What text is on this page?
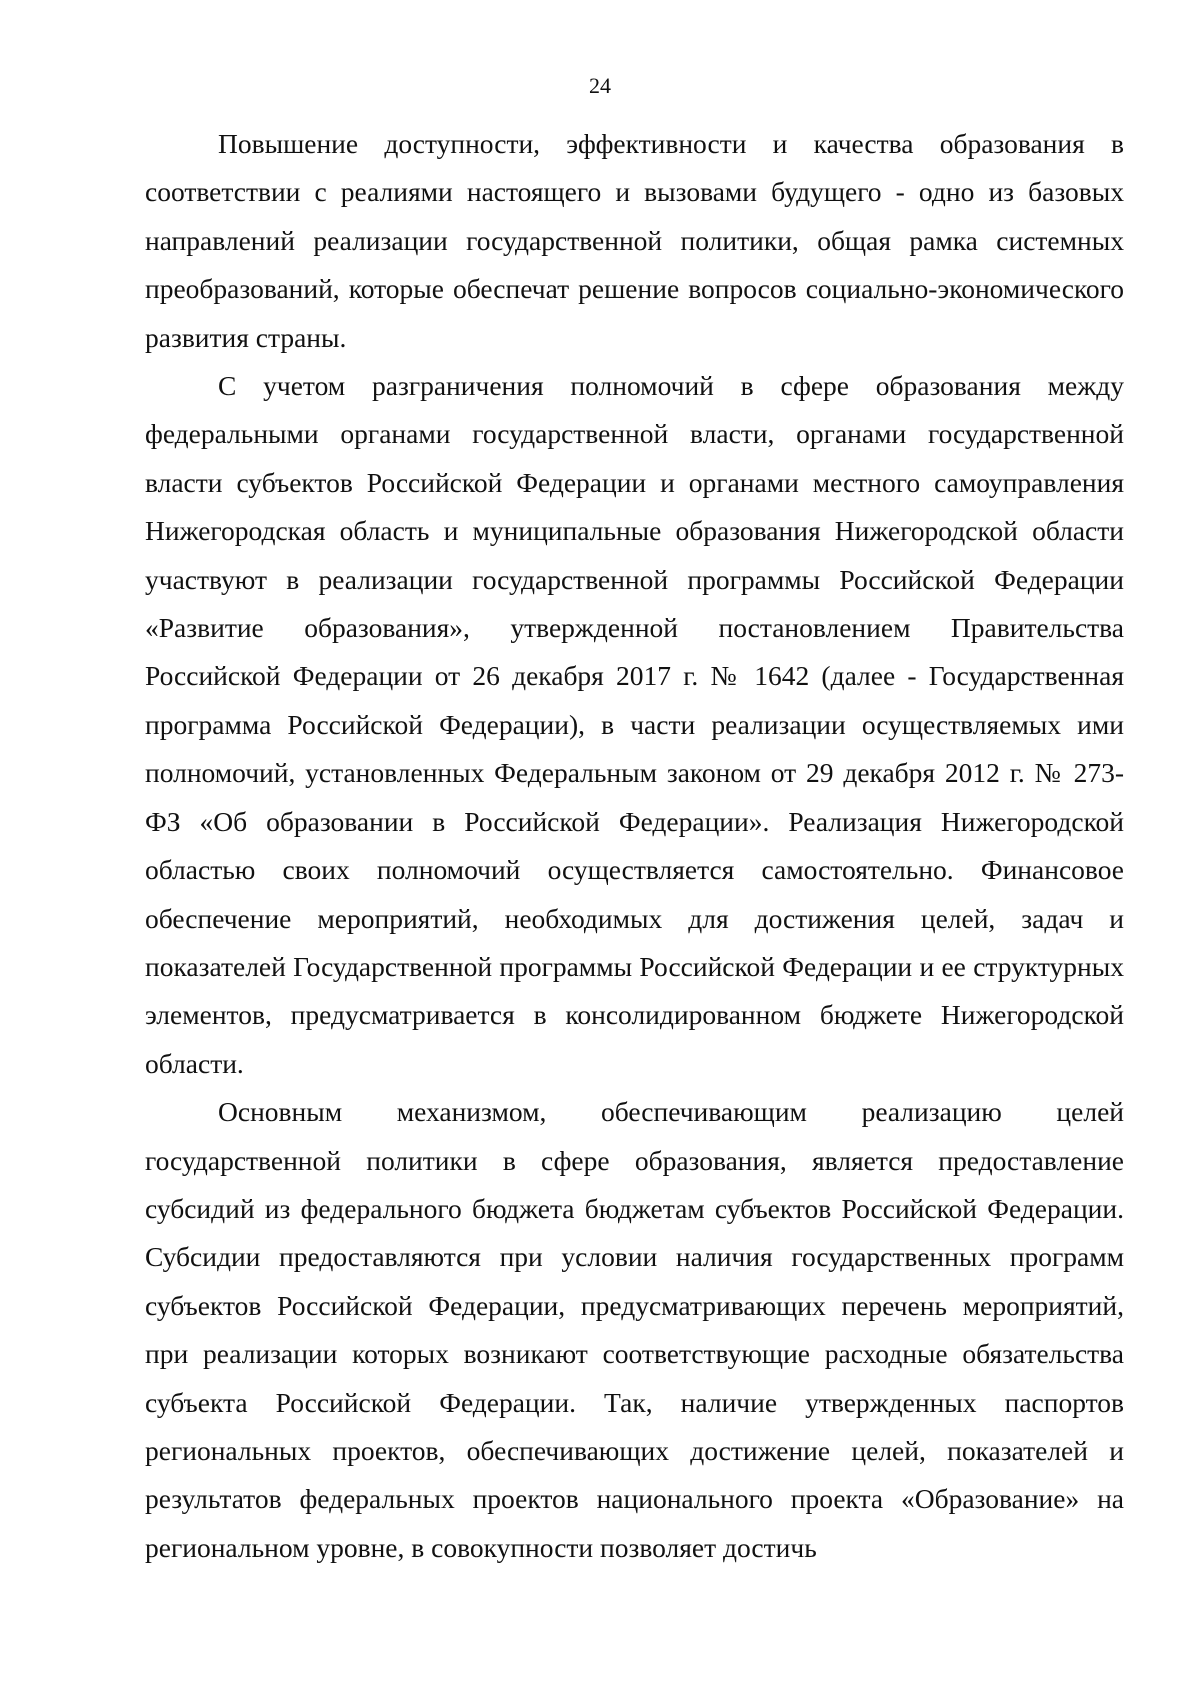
24

Повышение доступности, эффективности и качества образования в соответствии с реалиями настоящего и вызовами будущего - одно из базовых направлений реализации государственной политики, общая рамка системных преобразований, которые обеспечат решение вопросов социально-экономического развития страны.

С учетом разграничения полномочий в сфере образования между федеральными органами государственной власти, органами государственной власти субъектов Российской Федерации и органами местного самоуправления Нижегородская область и муниципальные образования Нижегородской области участвуют в реализации государственной программы Российской Федерации «Развитие образования», утвержденной постановлением Правительства Российской Федерации от 26 декабря 2017 г. № 1642 (далее - Государственная программа Российской Федерации), в части реализации осуществляемых ими полномочий, установленных Федеральным законом от 29 декабря 2012 г. № 273-ФЗ «Об образовании в Российской Федерации». Реализация Нижегородской областью своих полномочий осуществляется самостоятельно. Финансовое обеспечение мероприятий, необходимых для достижения целей, задач и показателей Государственной программы Российской Федерации и ее структурных элементов, предусматривается в консолидированном бюджете Нижегородской области.

Основным механизмом, обеспечивающим реализацию целей государственной политики в сфере образования, является предоставление субсидий из федерального бюджета бюджетам субъектов Российской Федерации. Субсидии предоставляются при условии наличия государственных программ субъектов Российской Федерации, предусматривающих перечень мероприятий, при реализации которых возникают соответствующие расходные обязательства субъекта Российской Федерации. Так, наличие утвержденных паспортов региональных проектов, обеспечивающих достижение целей, показателей и результатов федеральных проектов национального проекта «Образование» на региональном уровне, в совокупности позволяет достичь
